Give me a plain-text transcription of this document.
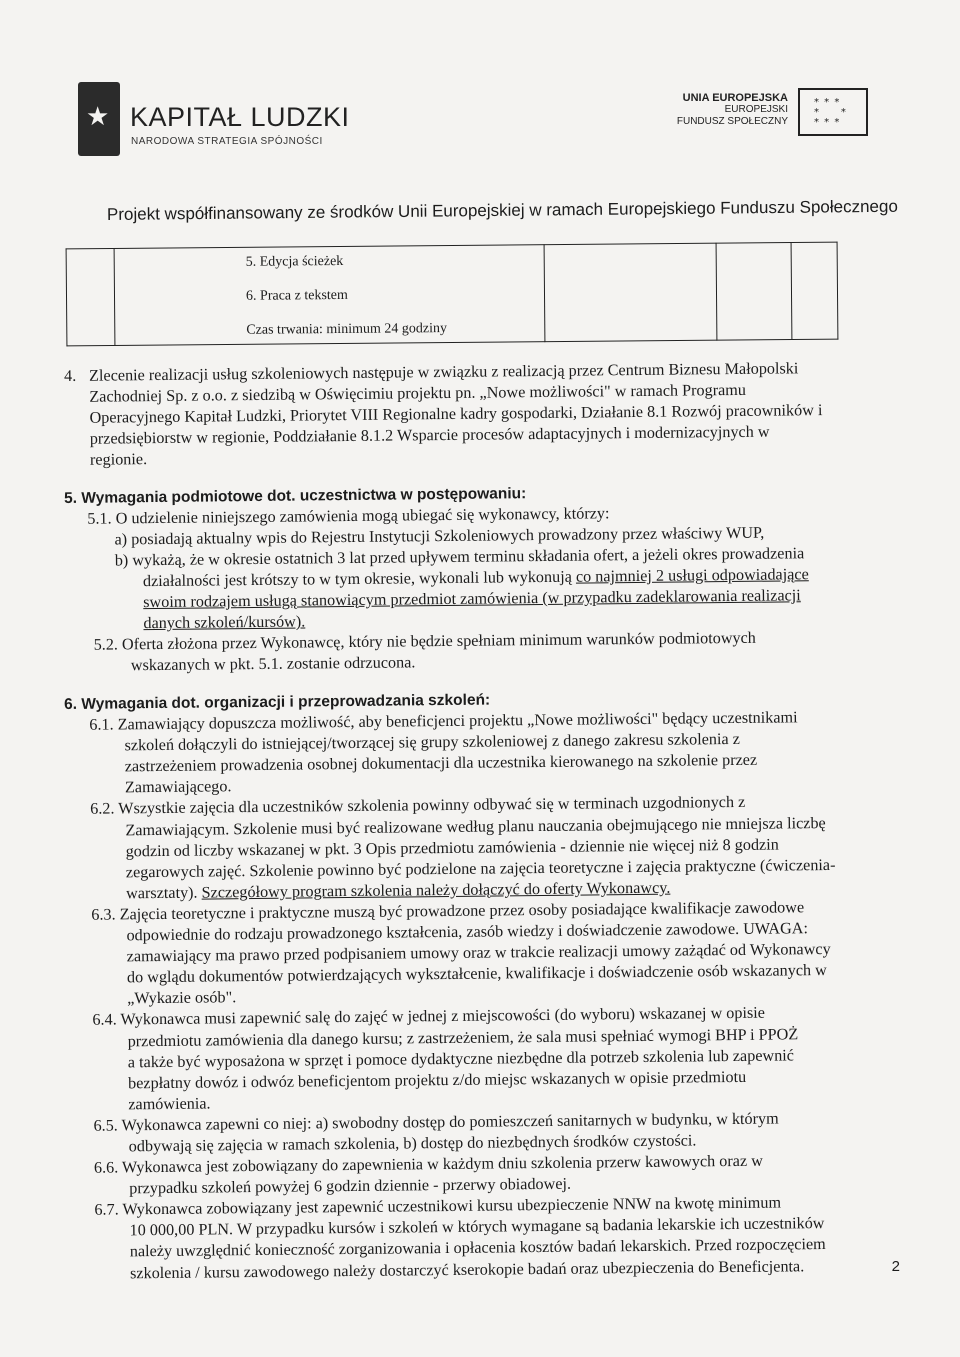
★ KAPITAŁ LUDZKI
NARODOWA STRATEGIA SPÓJNOŚCI
UNIA EUROPEJSKA
EUROPEJSKI
FUNDUSZ SPOŁECZNY
* * *
*     *
* * *
Projekt współfinansowany ze środków Unii Europejskiej w ramach Europejskiego Funduszu Społecznego
5. Edycja ścieżek
6. Praca z tekstem
Czas trwania: minimum 24 godziny
4. Zlecenie realizacji usług szkoleniowych następuje w związku z realizacją przez Centrum Biznesu Małopolski
Zachodniej Sp. z o.o. z siedzibą w Oświęcimiu projektu pn. „Nowe możliwości" w ramach Programu
Operacyjnego Kapitał Ludzki, Priorytet VIII Regionalne kadry gospodarki, Działanie 8.1 Rozwój pracowników i
przedsiębiorstw w regionie, Poddziałanie 8.1.2 Wsparcie procesów adaptacyjnych i modernizacyjnych w
regionie.
5. Wymagania podmiotowe dot. uczestnictwa w postępowaniu:
5.1. O udzielenie niniejszego zamówienia mogą ubiegać się wykonawcy, którzy:
a) posiadają aktualny wpis do Rejestru Instytucji Szkoleniowych prowadzony przez właściwy WUP,
b) wykażą, że w okresie ostatnich 3 lat przed upływem terminu składania ofert, a jeżeli okres prowadzenia
działalności jest krótszy to w tym okresie, wykonali lub wykonują co najmniej 2 usługi odpowiadające
swoim rodzajem usługą stanowiącym przedmiot zamówienia (w przypadku zadeklarowania realizacji
danych szkoleń/kursów).
5.2. Oferta złożona przez Wykonawcę, który nie będzie spełniam minimum warunków podmiotowych
wskazanych w pkt. 5.1. zostanie odrzucona.
6. Wymagania dot. organizacji i przeprowadzania szkoleń:
6.1. Zamawiający dopuszcza możliwość, aby beneficjenci projektu „Nowe możliwości" będący uczestnikami
szkoleń dołączyli do istniejącej/tworzącej się grupy szkoleniowej z danego zakresu szkolenia z
zastrzeżeniem prowadzenia osobnej dokumentacji dla uczestnika kierowanego na szkolenie przez
Zamawiającego.
6.2. Wszystkie zajęcia dla uczestników szkolenia powinny odbywać się w terminach uzgodnionych z
Zamawiającym. Szkolenie musi być realizowane według planu nauczania obejmującego nie mniejsza liczbę
godzin od liczby wskazanej w pkt. 3 Opis przedmiotu zamówienia - dziennie nie więcej niż 8 godzin
zegarowych zajęć. Szkolenie powinno być podzielone na zajęcia teoretyczne i zajęcia praktyczne (ćwiczenia-
warsztaty). Szczegółowy program szkolenia należy dołączyć do oferty Wykonawcy.
6.3. Zajęcia teoretyczne i praktyczne muszą być prowadzone przez osoby posiadające kwalifikacje zawodowe
odpowiednie do rodzaju prowadzonego kształcenia, zasób wiedzy i doświadczenie zawodowe. UWAGA:
zamawiający ma prawo przed podpisaniem umowy oraz w trakcie realizacji umowy zażądać od Wykonawcy
do wglądu dokumentów potwierdzających wykształcenie, kwalifikacje i doświadczenie osób wskazanych w
„Wykazie osób".
6.4. Wykonawca musi zapewnić salę do zajęć w jednej z miejscowości (do wyboru) wskazanej w opisie
przedmiotu zamówienia dla danego kursu; z zastrzeżeniem, że sala musi spełniać wymogi BHP i PPOŻ
a także być wyposażona w sprzęt i pomoce dydaktyczne niezbędne dla potrzeb szkolenia lub zapewnić
bezpłatny dowóz i odwóz beneficjentom projektu z/do miejsc wskazanych w opisie przedmiotu
zamówienia.
6.5. Wykonawca zapewni co niej: a) swobodny dostęp do pomieszczeń sanitarnych w budynku, w którym
odbywają się zajęcia w ramach szkolenia, b) dostęp do niezbędnych środków czystości.
6.6. Wykonawca jest zobowiązany do zapewnienia w każdym dniu szkolenia przerw kawowych oraz w
przypadku szkoleń powyżej 6 godzin dziennie - przerwy obiadowej.
6.7. Wykonawca zobowiązany jest zapewnić uczestnikowi kursu ubezpieczenie NNW na kwotę minimum
10 000,00 PLN. W przypadku kursów i szkoleń w których wymagane są badania lekarskie ich uczestników
należy uwzględnić konieczność zorganizowania i opłacenia kosztów badań lekarskich. Przed rozpoczęciem
szkolenia / kursu zawodowego należy dostarczyć kserokopie badań oraz ubezpieczenia do Beneficjenta.	2
